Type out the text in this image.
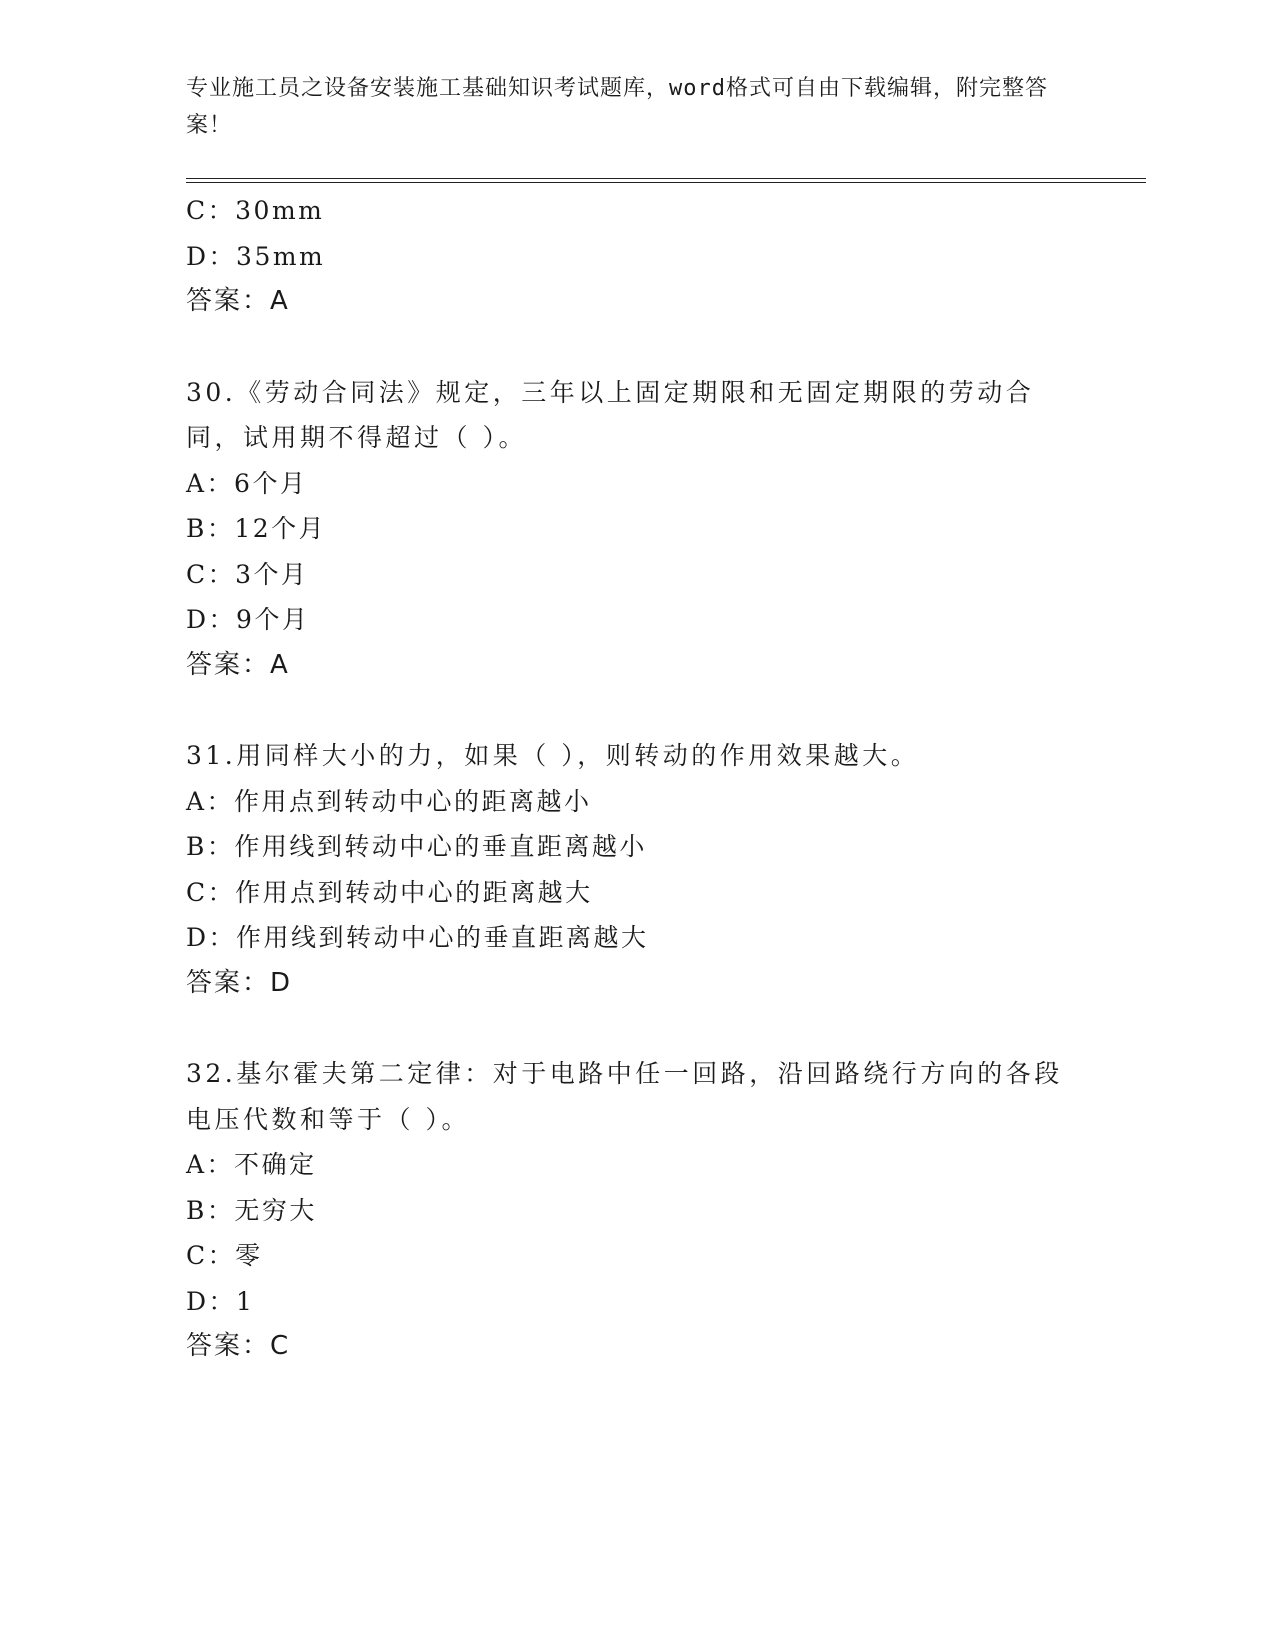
专业施工员之设备安装施工基础知识考试题库，word格式可自由下载编辑，附完整答案！
C：30mm
D：35mm
答案：A
30.《劳动合同法》规定，三年以上固定期限和无固定期限的劳动合同，试用期不得超过（ ）。
A：6个月
B：12个月
C：3个月
D：9个月
答案：A
31.用同样大小的力，如果（ ），则转动的作用效果越大。
A：作用点到转动中心的距离越小
B：作用线到转动中心的垂直距离越小
C：作用点到转动中心的距离越大
D：作用线到转动中心的垂直距离越大
答案：D
32.基尔霍夫第二定律：对于电路中任一回路，沿回路绕行方向的各段电压代数和等于（ ）。
A：不确定
B：无穷大
C：零
D：1
答案：C
